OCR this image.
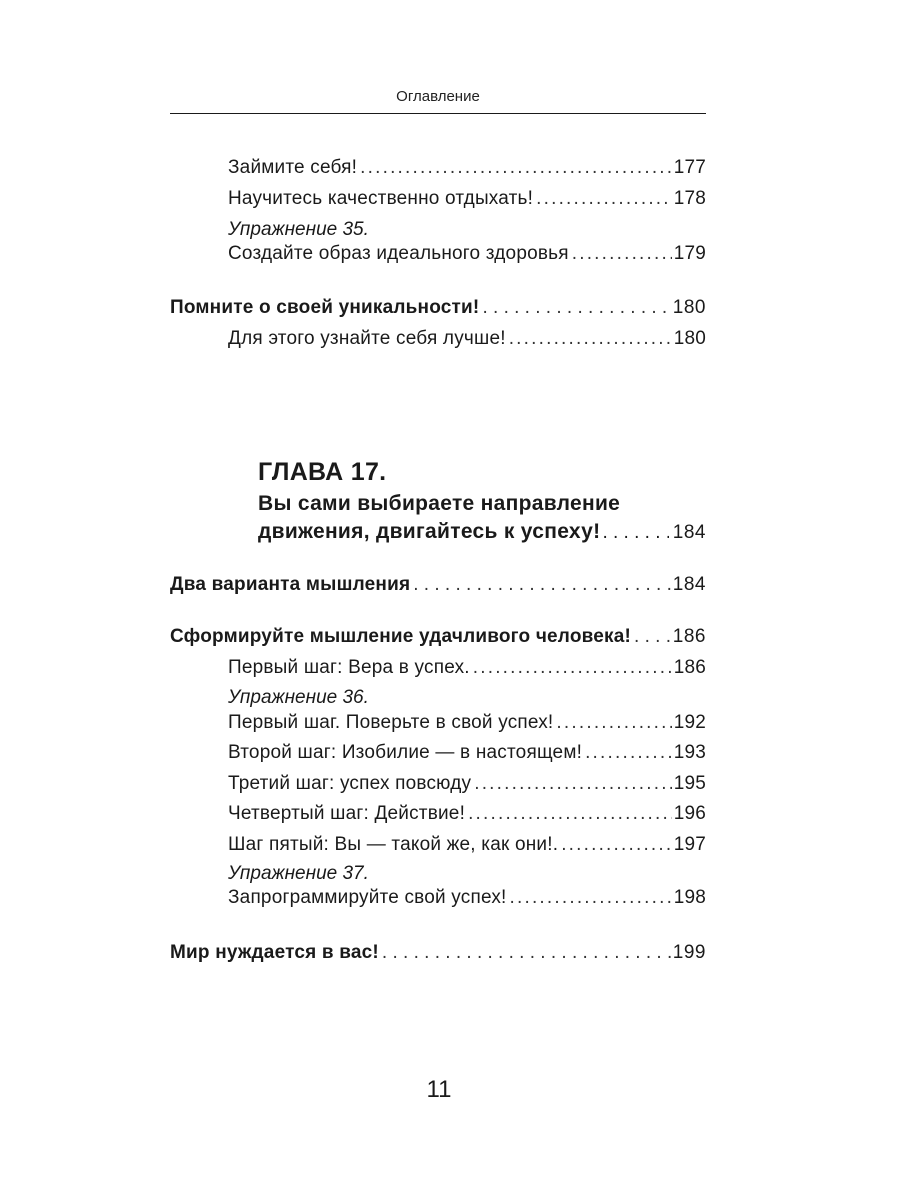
Оглавление
Займите себя! .....	177
Научитесь качественно отдыхать! .....	178
Упражнение 35.
Создайте образ идеального здоровья .....	179
Помните о своей уникальности! . . .	180
Для этого узнайте себя лучше! .....	180
ГЛАВА 17.
Вы сами выбираете направление
движения, двигайтесь к успеху! . . .	184
Два варианта мышления . . .	184
Сформируйте мышление удачливого человека! . . . 186
Первый шаг: Вера в успех. .....	186
Упражнение 36.
Первый шаг. Поверьте в свой успех! .....	192
Второй шаг: Изобилие — в настоящем! .....	193
Третий шаг: успех повсюду .....	195
Четвертый шаг: Действие! .....	196
Шаг пятый: Вы — такой же, как они!. .....	197
Упражнение 37.
Запрограммируйте свой успех! .....	198
Мир нуждается в вас! . . .	199
11
